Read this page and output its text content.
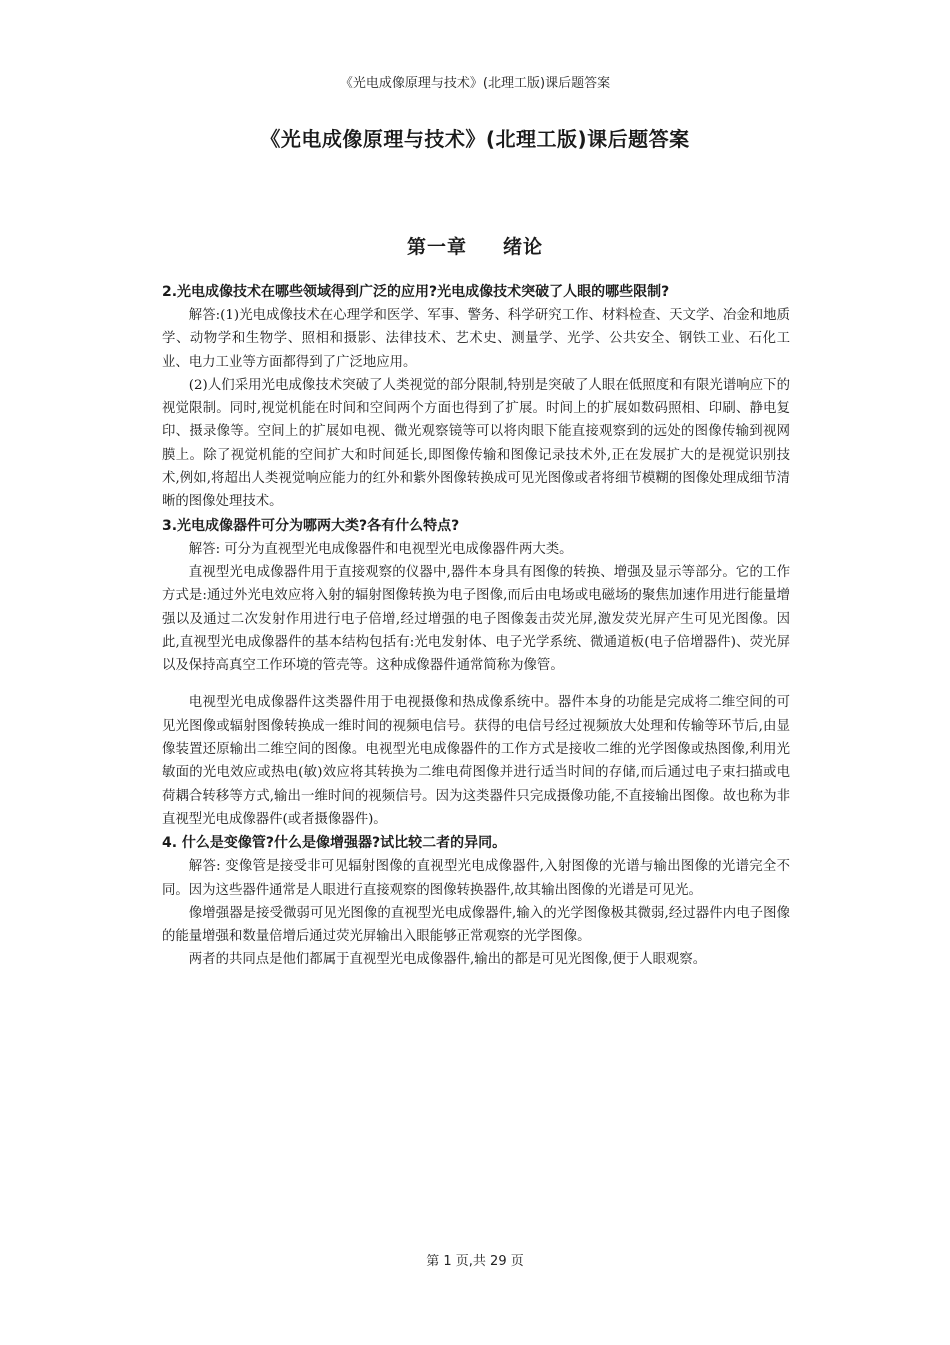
《光电成像原理与技术》(北理工版)课后题答案
《光电成像原理与技术》(北理工版)课后题答案
第一章 绪论

2.光电成像技术在哪些领域得到广泛的应用?光电成像技术突破了人眼的哪些限制?

解答:(1)光电成像技术在心理学和医学、军事、警务、科学研究工作、材料检查、天文学、冶金和地质学、动物学和生物学、照相和摄影、法律技术、艺术史、测量学、光学、公共安全、钢铁工业、石化工业、电力工业等方面都得到了广泛地应用。

(2)人们采用光电成像技术突破了人类视觉的部分限制,特别是突破了人眼在低照度和有限光谱响应下的视觉限制。同时,视觉机能在时间和空间两个方面也得到了扩展。时间上的扩展如数码照相、印刷、静电复印、摄录像等。空间上的扩展如电视、微光观察镜等可以将肉眼下能直接观察到的远处的图像传输到视网膜上。除了视觉机能的空间扩大和时间延长,即图像传输和图像记录技术外,正在发展扩大的是视觉识别技术,例如,将超出人类视觉响应能力的红外和紫外图像转换成可见光图像或者将细节模糊的图像处理成细节清晰的图像处理技术。

3.光电成像器件可分为哪两大类?各有什么特点?

解答: 可分为直视型光电成像器件和电视型光电成像器件两大类。

直视型光电成像器件用于直接观察的仪器中,器件本身具有图像的转换、增强及显示等部分。它的工作方式是:通过外光电效应将入射的辐射图像转换为电子图像,而后由电场或电磁场的聚焦加速作用进行能量增强以及通过二次发射作用进行电子倍增,经过增强的电子图像轰击荧光屏,激发荧光屏产生可见光图像。因此,直视型光电成像器件的基本结构包括有:光电发射体、电子光学系统、微通道板(电子倍增器件)、荧光屏以及保持高真空工作环境的管壳等。这种成像器件通常简称为像管。

电视型光电成像器件这类器件用于电视摄像和热成像系统中。器件本身的功能是完成将二维空间的可见光图像或辐射图像转换成一维时间的视频电信号。获得的电信号经过视频放大处理和传输等环节后,由显像装置还原输出二维空间的图像。电视型光电成像器件的工作方式是接收二维的光学图像或热图像,利用光敏面的光电效应或热电(敏)效应将其转换为二维电荷图像并进行适当时间的存储,而后通过电子束扫描或电荷耦合转移等方式,输出一维时间的视频信号。因为这类器件只完成摄像功能,不直接输出图像。故也称为非直视型光电成像器件(或者摄像器件)。

4. 什么是变像管?什么是像增强器?试比较二者的异同。

解答: 变像管是接受非可见辐射图像的直视型光电成像器件,入射图像的光谱与输出图像的光谱完全不同。因为这些器件通常是人眼进行直接观察的图像转换器件,故其输出图像的光谱是可见光。

像增强器是接受微弱可见光图像的直视型光电成像器件,输入的光学图像极其微弱,经过器件内电子图像的能量增强和数量倍增后通过荧光屏输出入眼能够正常观察的光学图像。

两者的共同点是他们都属于直视型光电成像器件,输出的都是可见光图像,便于人眼观察。

第 1 页,共 29 页
